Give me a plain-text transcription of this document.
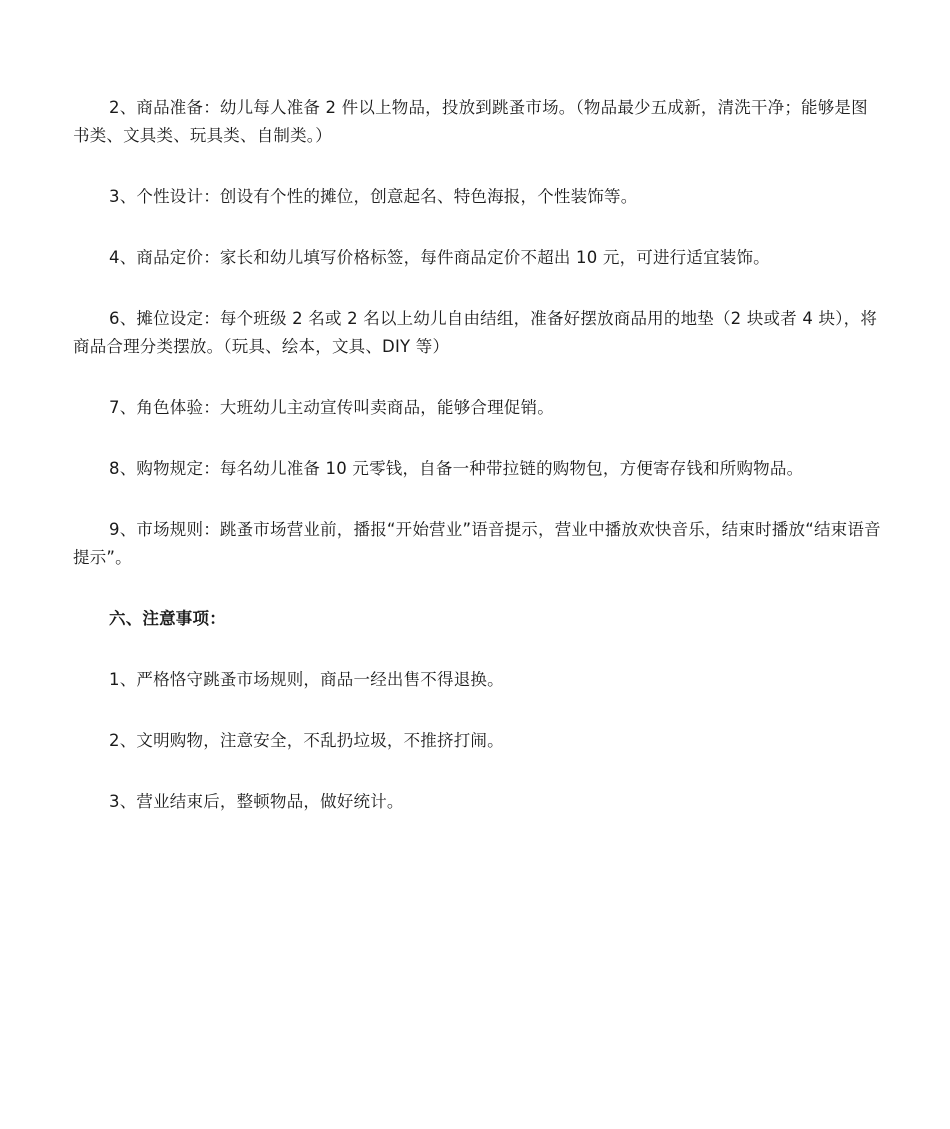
2、商品准备：幼儿每人准备 2 件以上物品，投放到跳蚤市场。（物品最少五成新，清洗干净；能够是图书类、文具类、玩具类、自制类。）

3、个性设计：创设有个性的摊位，创意起名、特色海报，个性装饰等。

4、商品定价：家长和幼儿填写价格标签，每件商品定价不超出 10 元，可进行适宜装饰。

6、摊位设定：每个班级 2 名或 2 名以上幼儿自由结组，准备好摆放商品用的地垫（2 块或者 4 块），将商品合理分类摆放。（玩具、绘本，文具、DIY 等）

7、角色体验：大班幼儿主动宣传叫卖商品，能够合理促销。

8、购物规定：每名幼儿准备 10 元零钱，自备一种带拉链的购物包，方便寄存钱和所购物品。

9、市场规则：跳蚤市场营业前，播报“开始营业”语音提示，营业中播放欢快音乐，结束时播放“结束语音提示”。

六、注意事项：

1、严格恪守跳蚤市场规则，商品一经出售不得退换。

2、文明购物，注意安全，不乱扔垃圾，不推挤打闹。

3、营业结束后，整顿物品，做好统计。
